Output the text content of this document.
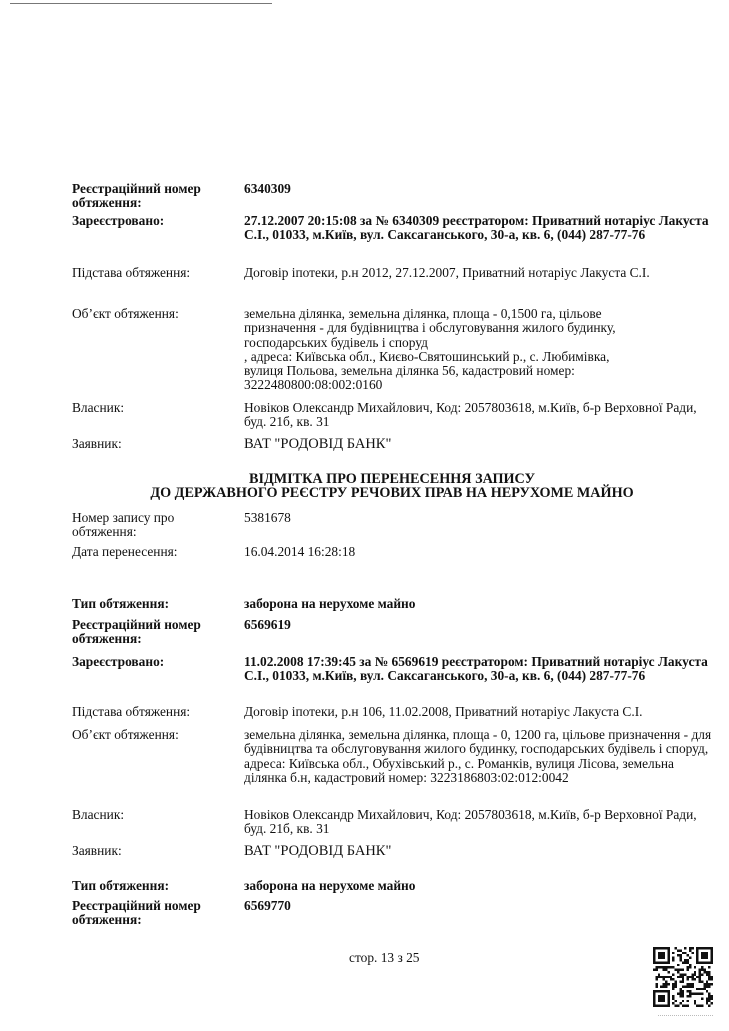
Реєстраційний номер обтяження:
6340309
Зареєстровано:	27.12.2007 20:15:08 за № 6340309 реєстратором: Приватний нотаріус Лакуста С.І., 01033, м.Київ, вул. Саксаганського, 30-а, кв. 6, (044) 287-77-76
Підстава обтяження:	Договір іпотеки, р.н 2012, 27.12.2007, Приватний нотаріус Лакуста С.І.
Об’єкт обтяження:	земельна ділянка, земельна ділянка, площа - 0,1500 га, цільове
призначення - для будівництва і обслуговування жилого будинку,
господарських будівель і споруд
, адреса: Київська обл., Києво-Святошинський р., с. Любимівка,
вулиця Польова, земельна ділянка 56, кадастровий номер:
3222480800:08:002:0160
Власник:	Новіков Олександр Михайлович, Код: 2057803618, м.Київ, б-р Верховної Ради, буд. 21б, кв. 31
Заявник:	ВАТ "РОДОВІД БАНК"
ВІДМІТКА ПРО ПЕРЕНЕСЕННЯ ЗАПИСУ
ДО ДЕРЖАВНОГО РЕЄСТРУ РЕЧОВИХ ПРАВ НА НЕРУХОМЕ МАЙНО
Номер запису про обтяження:
5381678
Дата перенесення:	16.04.2014 16:28:18
Тип обтяження:	заборона на нерухоме майно
Реєстраційний номер обтяження:
6569619
Зареєстровано:	11.02.2008 17:39:45 за № 6569619 реєстратором: Приватний нотаріус Лакуста С.І., 01033, м.Київ, вул. Саксаганського, 30-а, кв. 6, (044) 287-77-76
Підстава обтяження:	Договір іпотеки, р.н 106, 11.02.2008, Приватний нотаріус Лакуста С.І.
Об’єкт обтяження:	земельна ділянка, земельна ділянка, площа - 0, 1200 га, цільове призначення - для будівництва та обслуговування жилого будинку, господарських будівель і споруд, адреса: Київська обл., Обухівський р., с. Романків, вулиця Лісова, земельна ділянка б.н, кадастровий номер: 3223186803:02:012:0042
Власник:	Новіков Олександр Михайлович, Код: 2057803618, м.Київ, б-р Верховної Ради, буд. 21б, кв. 31
Заявник:	ВАТ "РОДОВІД БАНК"
Тип обтяження:	заборона на нерухоме майно
Реєстраційний номер обтяження:
6569770
стор. 13 з 25
